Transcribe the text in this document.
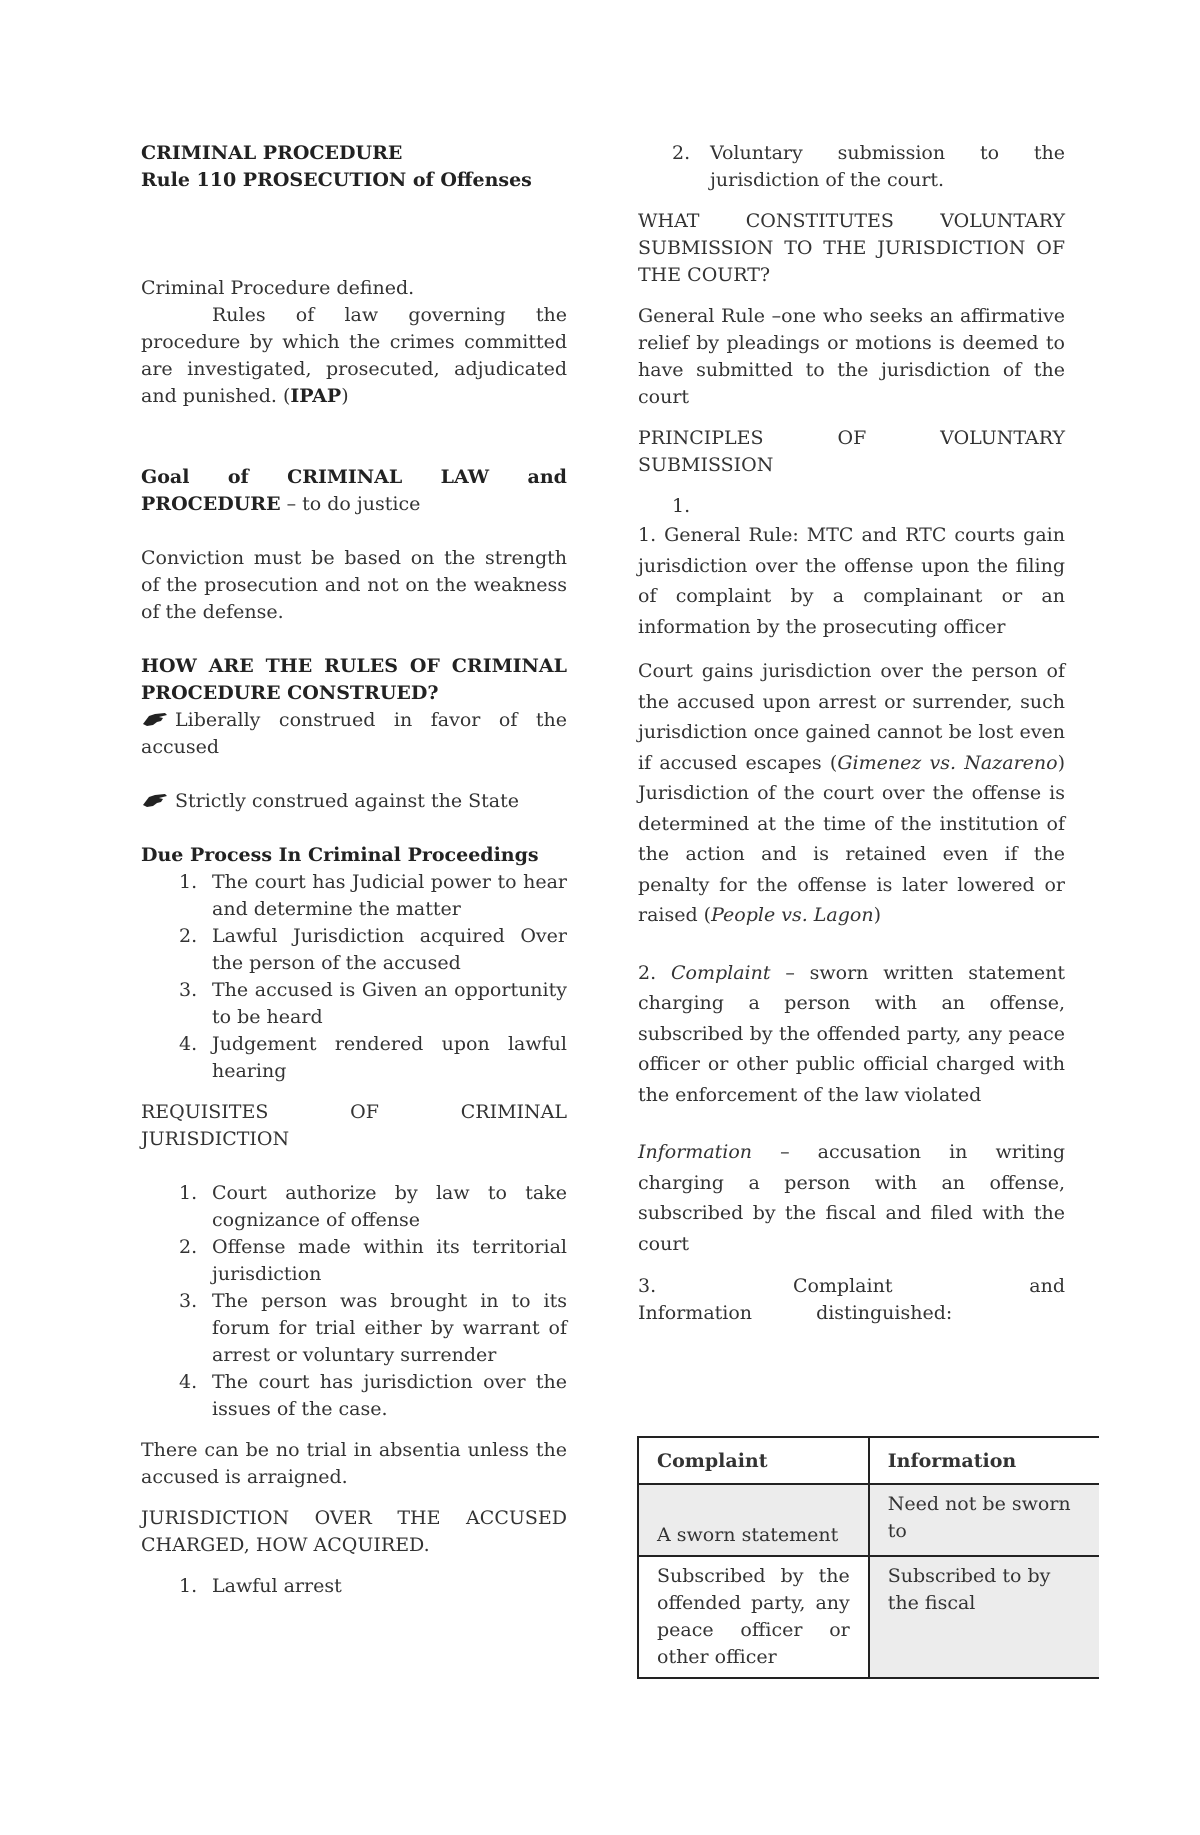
CRIMINAL PROCEDURE

Rule 110 PROSECUTION of Offenses

Criminal Procedure defined.

Rules of law governing the procedure by which the crimes committed are investigated, prosecuted, adjudicated and punished. (IPAP)

Goal of CRIMINAL LAW and

PROCEDURE – to do justice

Conviction must be based on the strength of the prosecution and not on the weakness of the defense.

HOW ARE THE RULES OF CRIMINAL PROCEDURE CONSTRUED?

Liberally construed in favor of the accused

Strictly construed against the State

Due Process In Criminal Proceedings

1. The court has Judicial power to hear and determine the matter
2. Lawful Jurisdiction acquired Over the person of the accused
3. The accused is Given an opportunity to be heard
4. Judgement rendered upon lawful hearing

REQUISITES OF CRIMINAL JURISDICTION

1. Court authorize by law to take cognizance of offense
2. Offense made within its territorial jurisdiction
3. The person was brought in to its forum for trial either by warrant of arrest or voluntary surrender
4. The court has jurisdiction over the issues of the case.

There can be no trial in absentia unless the accused is arraigned.

JURISDICTION OVER THE ACCUSED CHARGED, HOW ACQUIRED.

1. Lawful arrest
2. Voluntary submission to the jurisdiction of the court.

WHAT CONSTITUTES VOLUNTARY SUBMISSION TO THE JURISDICTION OF THE COURT?

General Rule –one who seeks an affirmative relief by pleadings or motions is deemed to have submitted to the jurisdiction of the court

PRINCIPLES OF VOLUNTARY SUBMISSION

1.

1. General Rule: MTC and RTC courts gain jurisdiction over the offense upon the filing of complaint by a complainant or an information by the prosecuting officer

Court gains jurisdiction over the person of the accused upon arrest or surrender, such jurisdiction once gained cannot be lost even if accused escapes (Gimenez vs. Nazareno) Jurisdiction of the court over the offense is determined at the time of the institution of the action and is retained even if the penalty for the offense is later lowered or raised (People vs. Lagon)

2. Complaint – sworn written statement charging a person with an offense, subscribed by the offended party, any peace officer or other public official charged with the enforcement of the law violated

Information – accusation in writing charging a person with an offense, subscribed by the fiscal and filed with the court

3. Complaint and Information distinguished:

Complaint	Information
A sworn statement	Need not be sworn to
Subscribed by the offended party, any peace officer or other officer	Subscribed to by the fiscal
